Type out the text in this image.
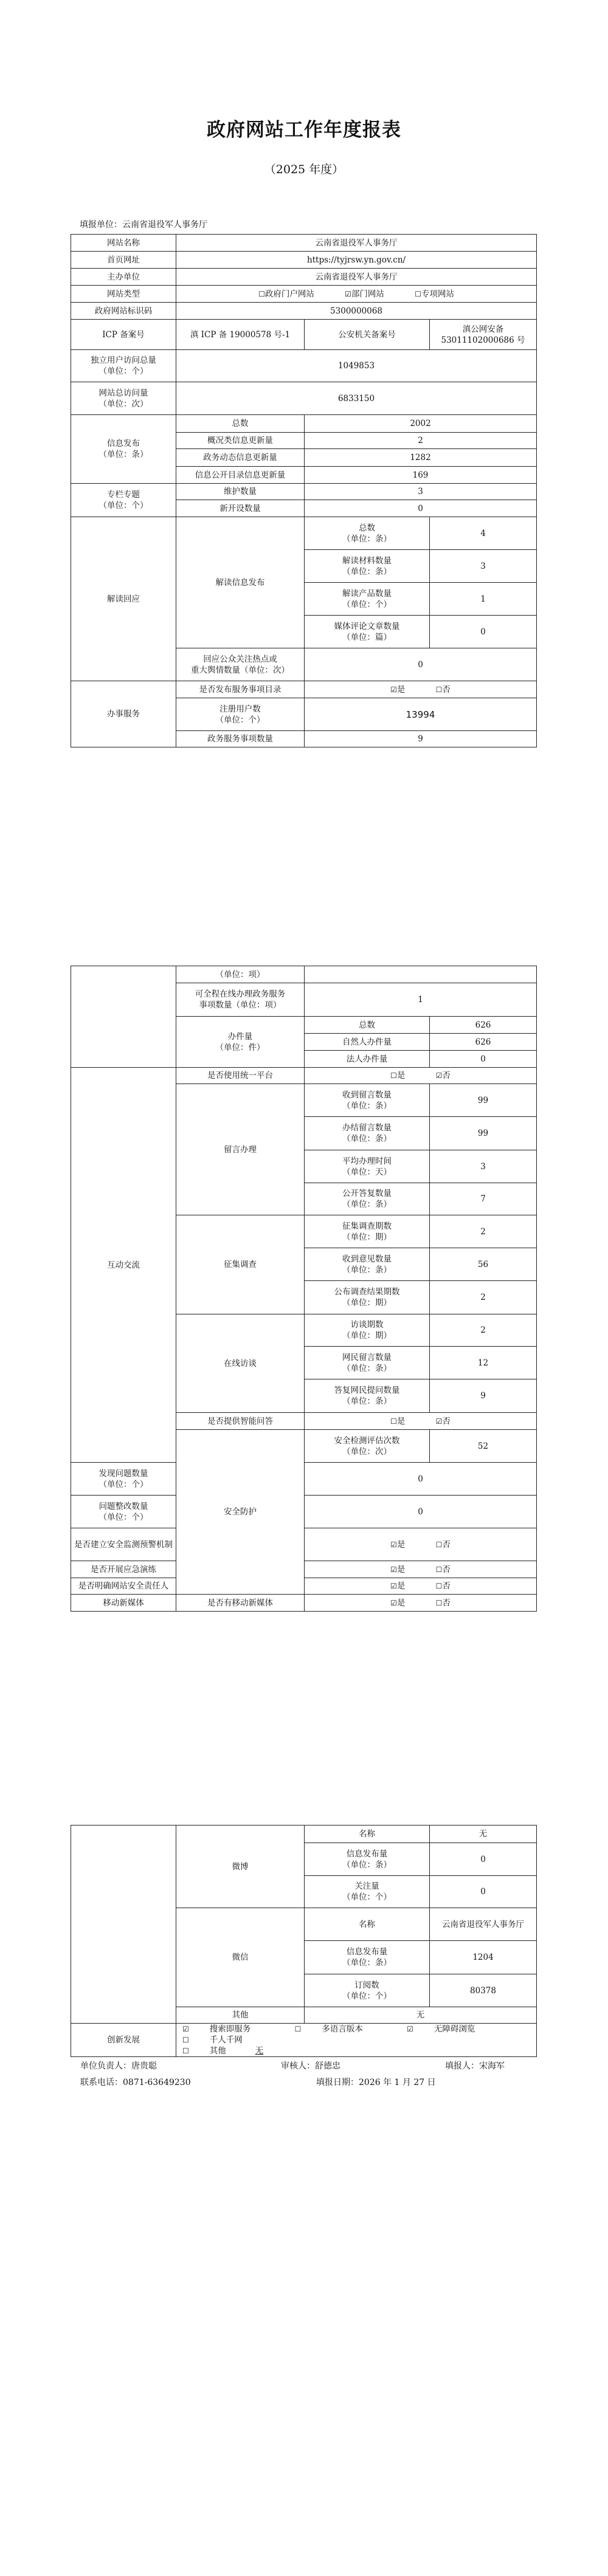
政府网站工作年度报表
（2025 年度）
填报单位：云南省退役军人事务厅
网站名称	云南省退役军人事务厅		
首页网址	https://tyjrsw.yn.gov.cn/		
主办单位	云南省退役军人事务厅		
网站类型	☐政府门户网站 ☑部门网站 ☐专项网站		
政府网站标识码	5300000068		
ICP 备案号	滇 ICP 备 19000578 号-1	公安机关备案号	滇公网安备
53011102000686 号

独立用户访问总量
（单位：个）	1049853		

网站总访问量
（单位：次）	6833150		

信息发布
（单位：条）	总数	2002	
	概况类信息更新量	2	
	政务动态信息更新量	1282	
	信息公开目录信息更新量	169	

专栏专题
（单位：个）	维护数量	3	
	新开设数量	0	
解读回应	解读信息发布	总数
（单位：条）	4

		解读材料数量
（单位：条）	3

		解读产品数量
（单位：个）	1

		媒体评论文章数量
（单位：篇）	0

	回应公众关注热点或
重大舆情数量（单位：次）	0	
办事服务	是否发布服务事项目录	☑是 ☐否	

	注册用户数
（单位：个）	13994	
	政务服务事项数量	9	
	（单位：项）		

	可全程在线办理政务服务
事项数量（单位：项）	1	

	办件量
（单位：件）	总数	626
		自然人办件量	626
		法人办件量	0
互动交流	是否使用统一平台	☐是 ☑否	
	留言办理	收到留言数量
（单位：条）	99

		办结留言数量
（单位：条）	99

		平均办理时间
（单位：天）	3

		公开答复数量
（单位：条）	7
	征集调查	征集调查期数
（单位：期）	2

		收到意见数量
（单位：条）	56

		公布调查结果期数
（单位：期）	2
	在线访谈	访谈期数
（单位：期）	2

		网民留言数量
（单位：条）	12

		答复网民提问数量
（单位：条）	9
	是否提供智能问答	☐是 ☑否	
	安全防护	安全检测评估次数
（单位：次）	52

发现问题数量
（单位：个）		0	

问题整改数量
（单位：个）		0	
是否建立安全监测预警机制		☑是 ☐否	
是否开展应急演练		☑是 ☐否	
是否明确网站安全责任人		☑是 ☐否	
移动新媒体	是否有移动新媒体	☑是 ☐否	
	微博	名称	无

		信息发布量
（单位：条）	0

		关注量
（单位：个）	0
	微信	名称	云南省退役军人事务厅

		信息发布量
（单位：条）	1204

		订阅数
（单位：个）	80378
	其他	无	
创新发展	☑ 搜索即服务 ☐ 多语言版本 ☑ 无障碍浏览 ☐ 千人千网
☐ 其他 无		
单位负责人：唐贵聪	审核人：舒德忠	填报人：宋海军
联系电话：0871-63649230	填报日期：2026 年 1 月 27 日
